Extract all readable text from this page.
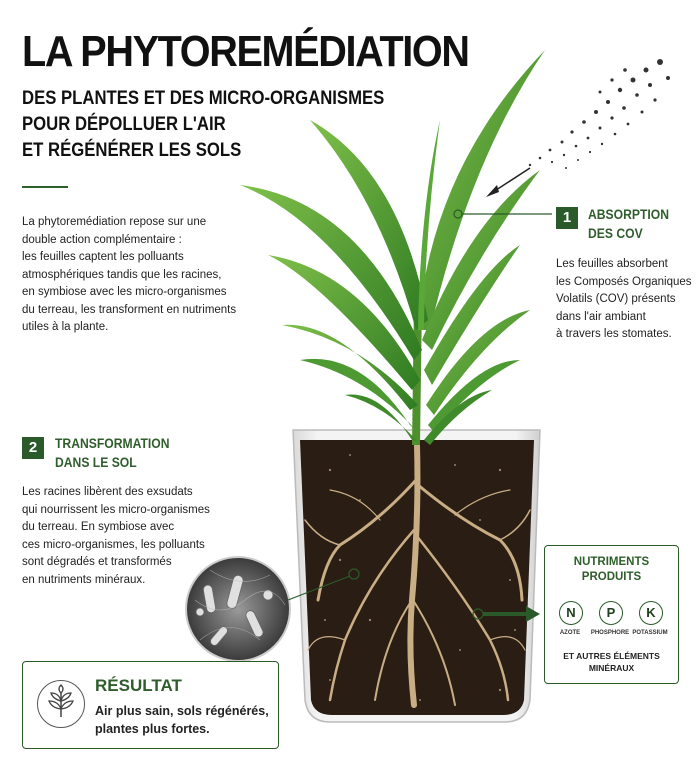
LA PHYTOREMÉDIATION
DES PLANTES ET DES MICRO-ORGANISMES
POUR DÉPOLLUER L'AIR
ET RÉGÉNÉRER LES SOLS
La phytoremédiation repose sur une
double action complémentaire :
les feuilles captent les polluants
atmosphériques tandis que les racines,
en symbiose avec les micro-organismes
du terreau, les transforment en nutriments
utiles à la plante.
1	ABSORPTION
DES COV
Les feuilles absorbent
les Composés Organiques
Volatils (COV) présents
dans l'air ambiant
à travers les stomates.
2	TRANSFORMATION
DANS LE SOL
Les racines libèrent des exsudats
qui nourrissent les micro-organismes
du terreau. En symbiose avec
ces micro-organismes, les polluants
sont dégradés et transformés
en nutriments minéraux.
NUTRIMENTS
PRODUITS
N	P	K
AZOTE	PHOSPHORE POTASSIUM
ET AUTRES ÉLÉMENTS
MINÉRAUX
RÉSULTAT
Air plus sain, sols régénérés,
plantes plus fortes.
